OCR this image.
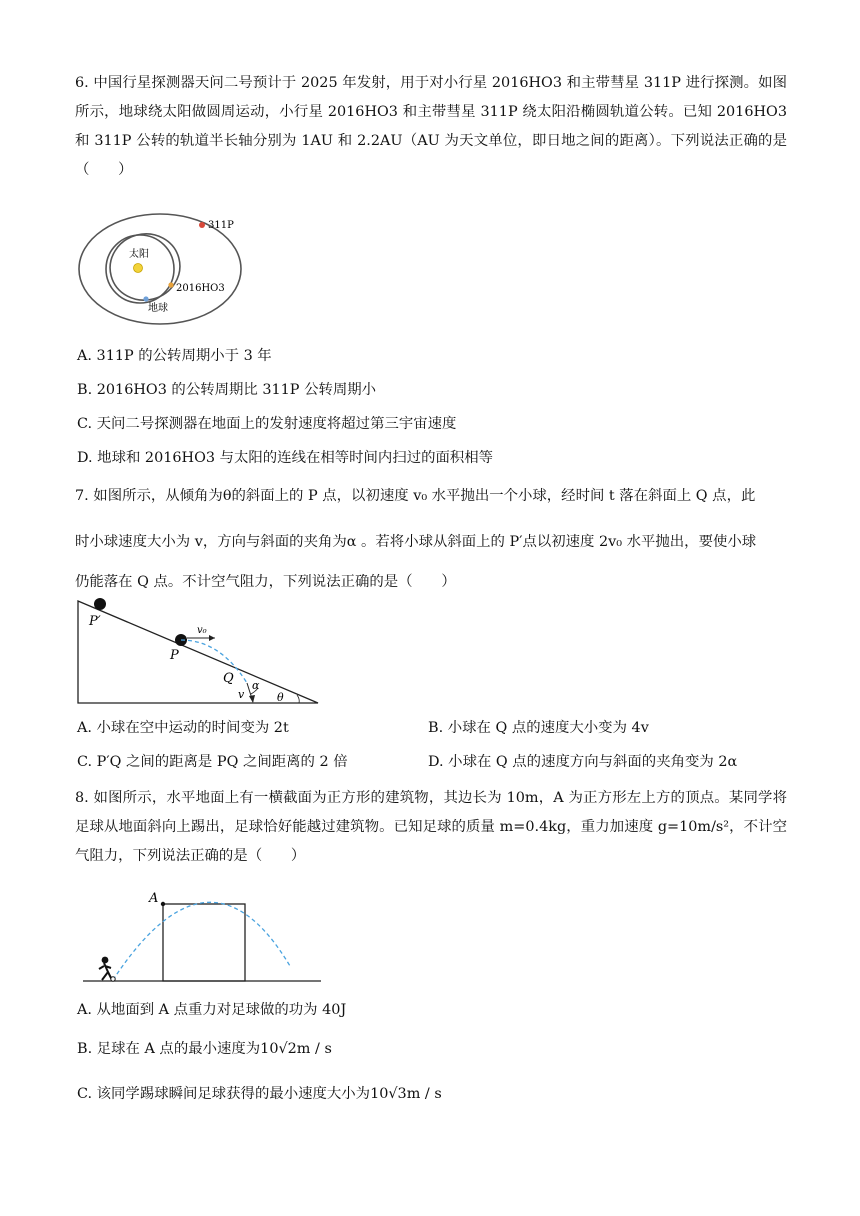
6. 中国行星探测器天问二号预计于 2025 年发射，用于对小行星 2016HO3 和主带彗星 311P 进行探测。如图所示，地球绕太阳做圆周运动，小行星 2016HO3 和主带彗星 311P 绕太阳沿椭圆轨道公转。已知 2016HO3 和 311P 公转的轨道半长轴分别为 1AU 和 2.2AU（AU 为天文单位，即日地之间的距离）。下列说法正确的是（　　）
311P
太阳
2016HO3
地球
A. 311P 的公转周期小于 3 年
B. 2016HO3 的公转周期比 311P 公转周期小
C. 天问二号探测器在地面上的发射速度将超过第三宇宙速度
D. 地球和 2016HO3 与太阳的连线在相等时间内扫过的面积相等
7. 如图所示，从倾角为θ的斜面上的 P 点，以初速度 v₀ 水平抛出一个小球，经时间 t 落在斜面上 Q 点，此
时小球速度大小为 v，方向与斜面的夹角为α 。若将小球从斜面上的 P′点以初速度 2v₀ 水平抛出，要使小球
仍能落在 Q 点。不计空气阻力，下列说法正确的是（　　）
P′
P
v₀
Q α
v	θ
A. 小球在空中运动的时间变为 2t	B. 小球在 Q 点的速度大小变为 4v
C. P′Q 之间的距离是 PQ 之间距离的 2 倍	D. 小球在 Q 点的速度方向与斜面的夹角变为 2α
8. 如图所示，水平地面上有一横截面为正方形的建筑物，其边长为 10m，A 为正方形左上方的顶点。某同学将足球从地面斜向上踢出，足球恰好能越过建筑物。已知足球的质量 m=0.4kg，重力加速度 g=10m/s²，不计空气阻力，下列说法正确的是（　　）
A
A. 从地面到 A 点重力对足球做的功为 40J
B. 足球在 A 点的最小速度为10√2m / s
C. 该同学踢球瞬间足球获得的最小速度大小为10√3m / s
